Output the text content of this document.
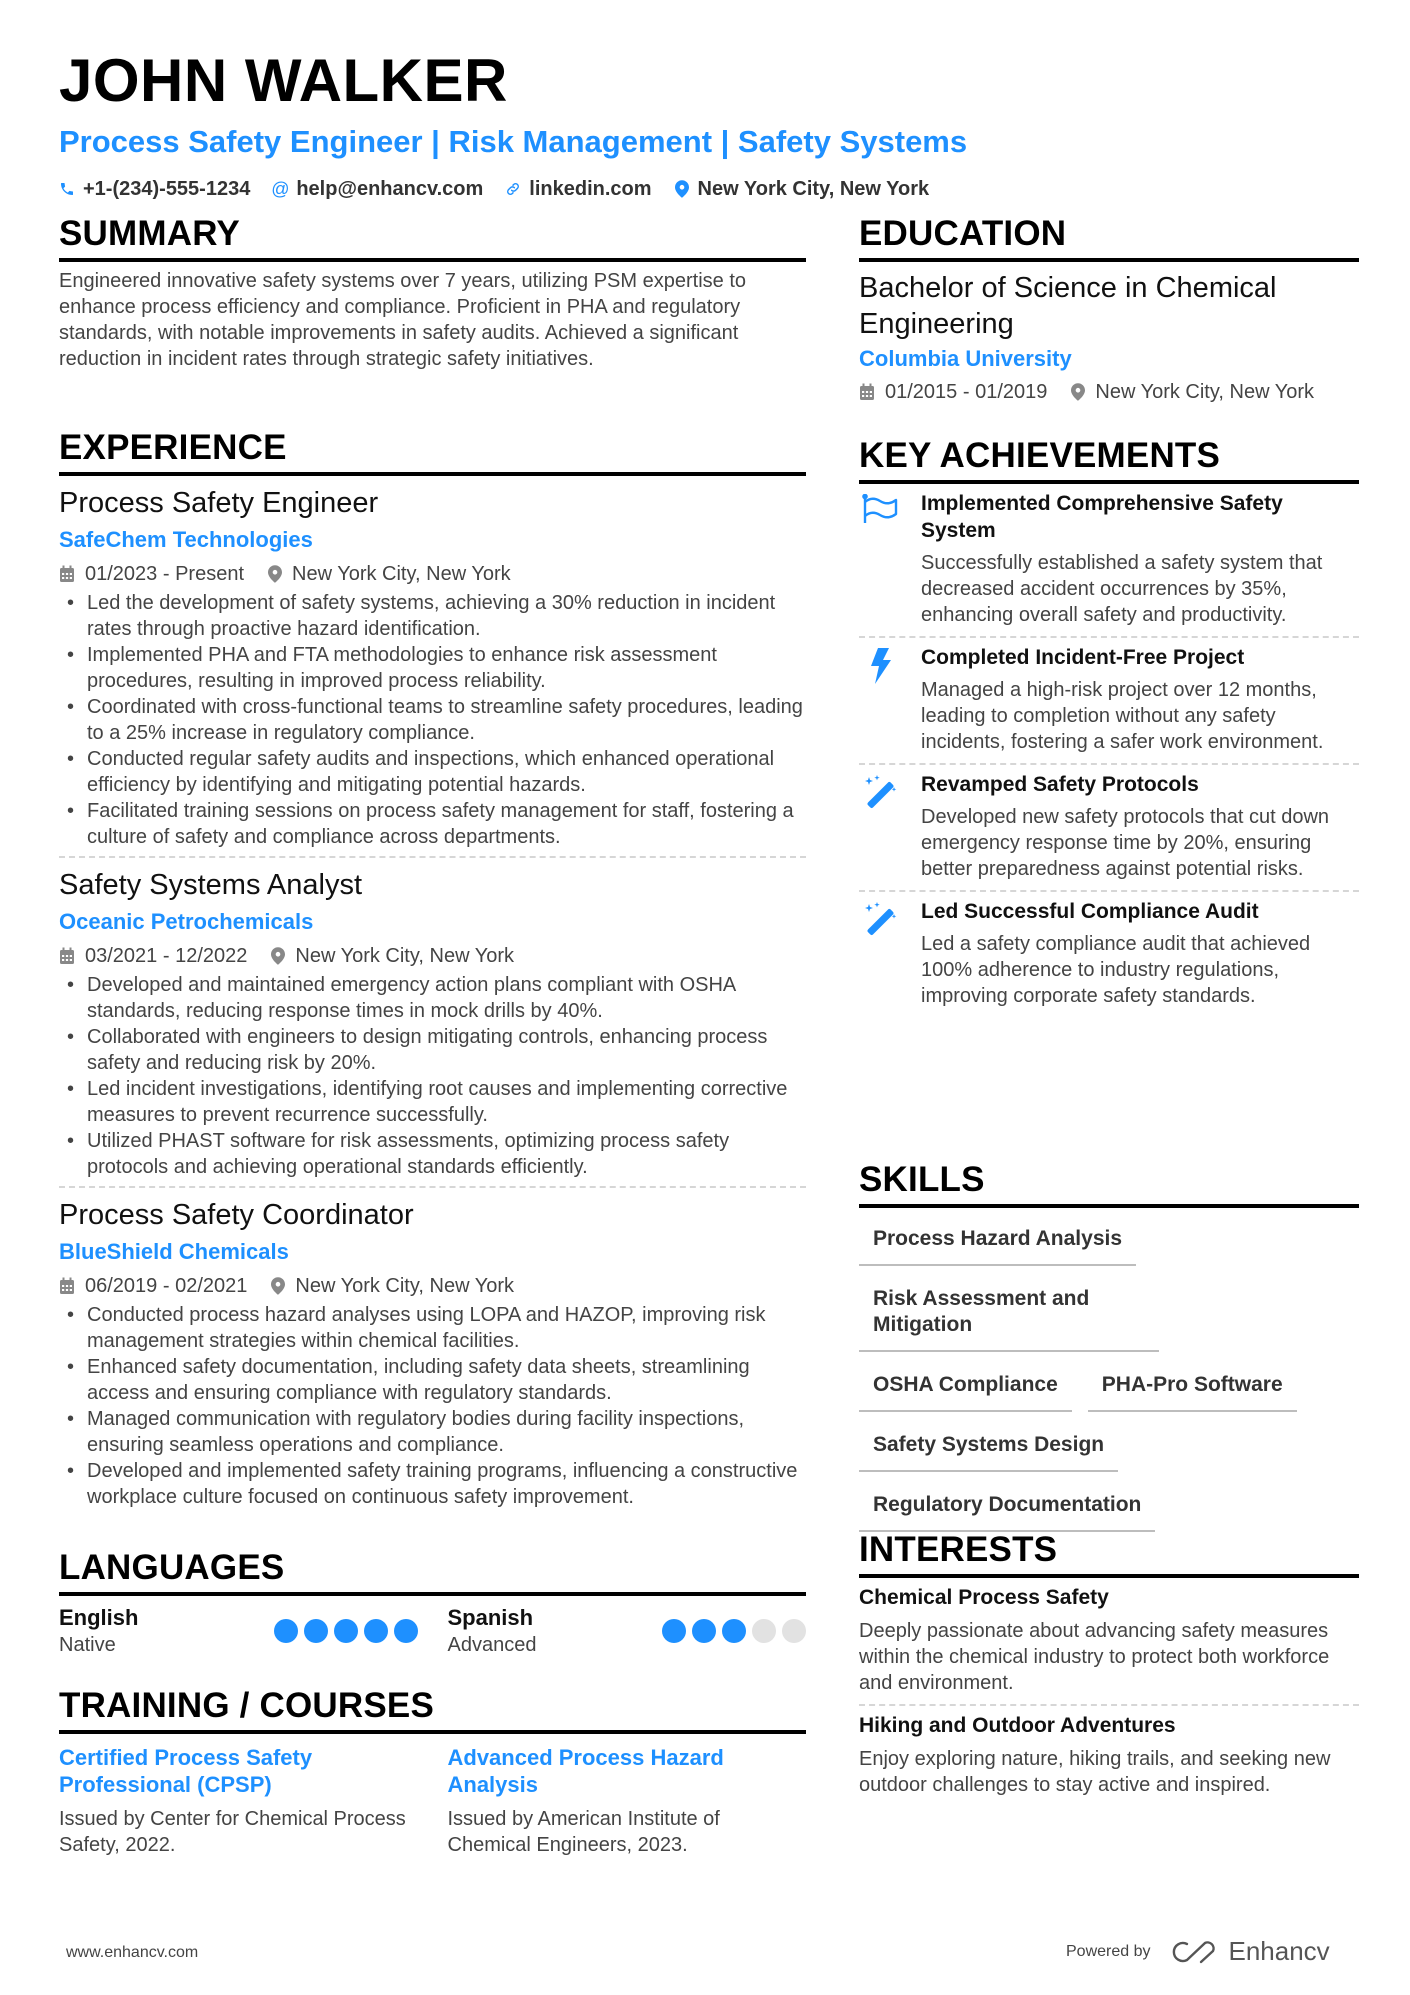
JOHN WALKER
Process Safety Engineer | Risk Management | Safety Systems
+1-(234)-555-1234 @ help@enhancv.com linkedin.com New York City, New York
SUMMARY
Engineered innovative safety systems over 7 years, utilizing PSM expertise to enhance process efficiency and compliance. Proficient in PHA and regulatory standards, with notable improvements in safety audits. Achieved a significant reduction in incident rates through strategic safety initiatives.
EXPERIENCE
Process Safety Engineer
SafeChem Technologies
01/2023 - Present New York City, New York
• Led the development of safety systems, achieving a 30% reduction in incident rates through proactive hazard identification.
• Implemented PHA and FTA methodologies to enhance risk assessment procedures, resulting in improved process reliability.
• Coordinated with cross-functional teams to streamline safety procedures, leading to a 25% increase in regulatory compliance.
• Conducted regular safety audits and inspections, which enhanced operational efficiency by identifying and mitigating potential hazards.
• Facilitated training sessions on process safety management for staff, fostering a culture of safety and compliance across departments.
Safety Systems Analyst
Oceanic Petrochemicals
03/2021 - 12/2022 New York City, New York
• Developed and maintained emergency action plans compliant with OSHA standards, reducing response times in mock drills by 40%.
• Collaborated with engineers to design mitigating controls, enhancing process safety and reducing risk by 20%.
• Led incident investigations, identifying root causes and implementing corrective measures to prevent recurrence successfully.
• Utilized PHAST software for risk assessments, optimizing process safety protocols and achieving operational standards efficiently.
Process Safety Coordinator
BlueShield Chemicals
06/2019 - 02/2021 New York City, New York
• Conducted process hazard analyses using LOPA and HAZOP, improving risk management strategies within chemical facilities.
• Enhanced safety documentation, including safety data sheets, streamlining access and ensuring compliance with regulatory standards.
• Managed communication with regulatory bodies during facility inspections, ensuring seamless operations and compliance.
• Developed and implemented safety training programs, influencing a constructive workplace culture focused on continuous safety improvement.
LANGUAGES
English
Native
Spanish
Advanced
TRAINING / COURSES
Certified Process Safety Professional (CPSP)
Issued by Center for Chemical Process Safety, 2022.
Advanced Process Hazard Analysis
Issued by American Institute of Chemical Engineers, 2023.
EDUCATION
Bachelor of Science in Chemical Engineering
Columbia University
01/2015 - 01/2019 New York City, New York
KEY ACHIEVEMENTS
Implemented Comprehensive Safety System
Successfully established a safety system that decreased accident occurrences by 35%, enhancing overall safety and productivity.
Completed Incident-Free Project
Managed a high-risk project over 12 months, leading to completion without any safety incidents, fostering a safer work environment.
Revamped Safety Protocols
Developed new safety protocols that cut down emergency response time by 20%, ensuring better preparedness against potential risks.
Led Successful Compliance Audit
Led a safety compliance audit that achieved 100% adherence to industry regulations, improving corporate safety standards.
SKILLS
Process Hazard Analysis
Risk Assessment and Mitigation
OSHA Compliance	PHA-Pro Software
Safety Systems Design
Regulatory Documentation
INTERESTS
Chemical Process Safety
Deeply passionate about advancing safety measures within the chemical industry to protect both workforce and environment.
Hiking and Outdoor Adventures
Enjoy exploring nature, hiking trails, and seeking new outdoor challenges to stay active and inspired.
www.enhancv.com	Powered by	Enhancv
